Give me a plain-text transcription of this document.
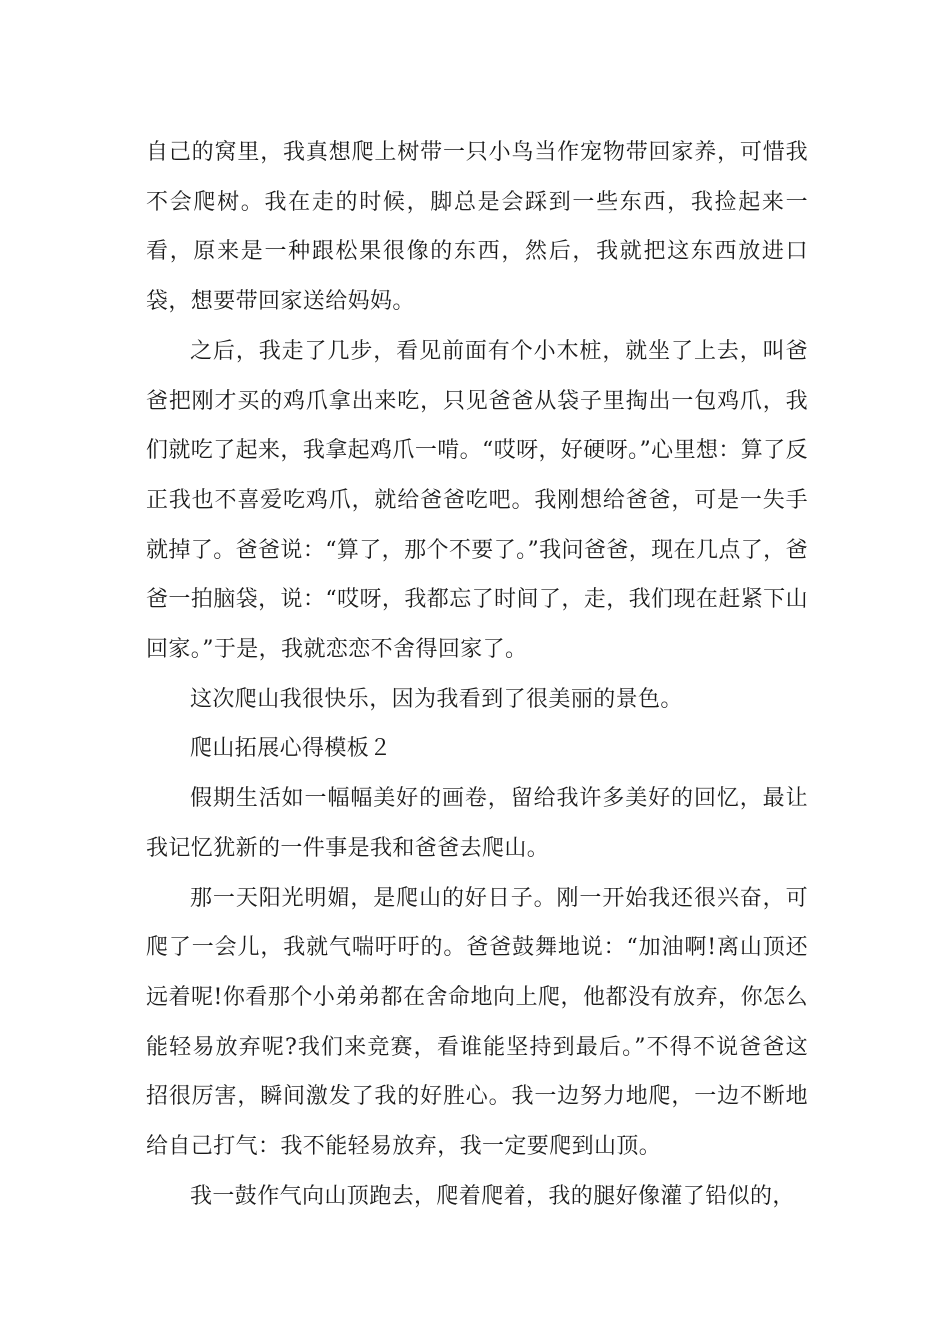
自己的窝里，我真想爬上树带一只小鸟当作宠物带回家养，可惜我不会爬树。我在走的时候，脚总是会踩到一些东西，我捡起来一看，原来是一种跟松果很像的东西，然后，我就把这东西放进口袋，想要带回家送给妈妈。

之后，我走了几步，看见前面有个小木桩，就坐了上去，叫爸爸把刚才买的鸡爪拿出来吃，只见爸爸从袋子里掏出一包鸡爪，我们就吃了起来，我拿起鸡爪一啃。“哎呀，好硬呀。”心里想：算了反正我也不喜爱吃鸡爪，就给爸爸吃吧。我刚想给爸爸，可是一失手就掉了。爸爸说：“算了，那个不要了。”我问爸爸，现在几点了，爸爸一拍脑袋，说：“哎呀，我都忘了时间了，走，我们现在赶紧下山回家。”于是，我就恋恋不舍得回家了。

这次爬山我很快乐，因为我看到了很美丽的景色。

爬山拓展心得模板２

假期生活如一幅幅美好的画卷，留给我许多美好的回忆，最让我记忆犹新的一件事是我和爸爸去爬山。

那一天阳光明媚，是爬山的好日子。刚一开始我还很兴奋，可爬了一会儿，我就气喘吁吁的。爸爸鼓舞地说：“加油啊!离山顶还远着呢!你看那个小弟弟都在舍命地向上爬，他都没有放弃，你怎么能轻易放弃呢?我们来竞赛，看谁能坚持到最后。”不得不说爸爸这招很厉害，瞬间激发了我的好胜心。我一边努力地爬，一边不断地给自己打气：我不能轻易放弃，我一定要爬到山顶。

我一鼓作气向山顶跑去，爬着爬着，我的腿好像灌了铅似的，
